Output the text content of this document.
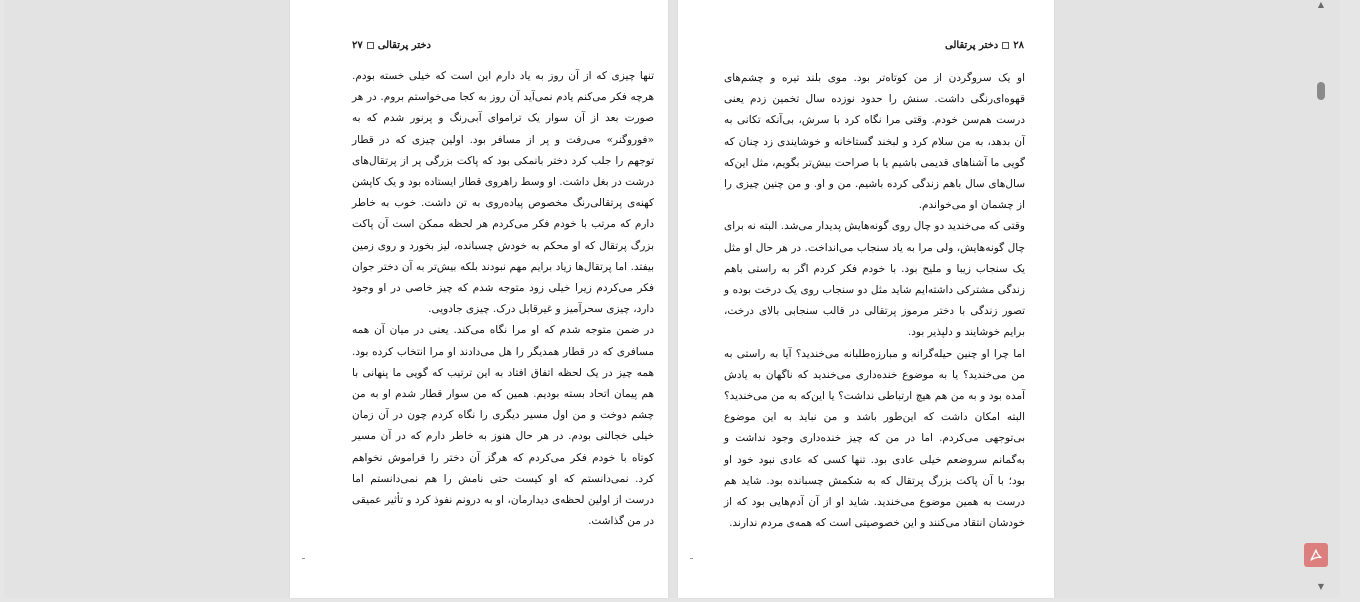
دختر پرتقالی
۲۷

تنها چیزی که از آن روز به یاد دارم این است که خیلی خسته بودم. هرچه فکر می‌کنم یادم نمی‌آید آن روز به کجا می‌خواستم بروم. در هر صورت بعد از آن سوار یک تراموای آبی‌رنگ و پرنور شدم که به «فوروگنر» می‌رفت و پر از مسافر بود. اولین چیزی که در قطار توجهم را جلب کرد دختر بانمکی بود که پاکت بزرگی پر از پرتقال‌های درشت در بغل داشت. او وسط راهروی قطار ایستاده بود و یک کاپشن کهنه‌ی پرتقالی‌رنگ مخصوص پیاده‌روی به تن داشت. خوب به خاطر دارم که مرتب با خودم فکر می‌کردم هر لحظه ممکن است آن پاکت بزرگ پرتقال که او محکم به خودش چسبانده، لیز بخورد و روی زمین بیفتد. اما پرتقال‌ها زیاد برایم مهم نبودند بلکه بیش‌تر به آن دختر جوان فکر می‌کردم زیرا خیلی زود متوجه شدم که چیز خاصی در او وجود دارد، چیزی سحرآمیز و غیرقابل درک. چیزی جادویی.

در ضمن متوجه شدم که او مرا نگاه می‌کند. یعنی در میان آن همه مسافری که در قطار همدیگر را هل می‌دادند او مرا انتخاب کرده بود. همه چیز در یک لحظه اتفاق افتاد به این ترتیب که گویی ما پنهانی با هم پیمان اتحاد بسته بودیم. همین که من سوار قطار شدم او به من چشم دوخت و من اول مسیر دیگری را نگاه کردم چون در آن زمان خیلی خجالتی بودم. در هر حال هنوز به خاطر دارم که در آن مسیر کوتاه با خودم فکر می‌کردم که هرگز آن دختر را فراموش نخواهم کرد. نمی‌دانستم که او کیست حتی نامش را هم نمی‌دانستم اما درست از اولین لحظه‌ی دیدارمان، او به درونم نفوذ کرد و تأثیر عمیقی در من گذاشت.

۲۸
دختر پرتقالی

او یک سروگردن از من کوتاه‌تر بود. موی بلند تیره و چشم‌های قهوه‌ای‌رنگی داشت. سنش را حدود نوزده سال تخمین زدم یعنی درست هم‌سن خودم. وقتی مرا نگاه کرد با سرش، بی‌آنکه تکانی به آن بدهد، به من سلام کرد و لبخند گستاخانه و خوشایندی زد چنان که گویی ما آشناهای قدیمی باشیم یا با صراحت بیش‌تر بگویم، مثل این‌که سال‌های سال باهم زندگی کرده باشیم. من و او. و من چنین چیزی را از چشمان او می‌خواندم.

وقتی که می‌خندید دو چال روی گونه‌هایش پدیدار می‌شد. البته نه برای چال گونه‌هایش، ولی مرا به یاد سنجاب می‌انداخت. در هر حال او مثل یک سنجاب زیبا و ملیح بود. با خودم فکر کردم اگر به راستی باهم زندگی مشترکی داشته‌ایم شاید مثل دو سنجاب روی یک درخت بوده و تصور زندگی با دختر مرموز پرتقالی در قالب سنجابی بالای درخت، برایم خوشایند و دلپذیر بود.

اما چرا او چنین حیله‌گرانه و مبارزه‌طلبانه می‌خندید؟ آیا به راستی به من می‌خندید؟ یا به موضوع خنده‌داری می‌خندید که ناگهان به یادش آمده بود و به من هم هیچ ارتباطی نداشت؟ یا این‌که به من می‌خندید؟ البته امکان داشت که این‌طور باشد و من نباید به این موضوع بی‌توجهی می‌کردم. اما در من که چیز خنده‌داری وجود نداشت و به‌گمانم سروضعم خیلی عادی بود. تنها کسی که عادی نبود خود او بود؛ با آن پاکت بزرگ پرتقال که به شکمش چسبانده بود. شاید هم درست به همین موضوع می‌خندید. شاید او از آن آدم‌هایی بود که از خودشان انتقاد می‌کنند و این خصوصیتی است که همه‌ی مردم ندارند.

▲
▼
